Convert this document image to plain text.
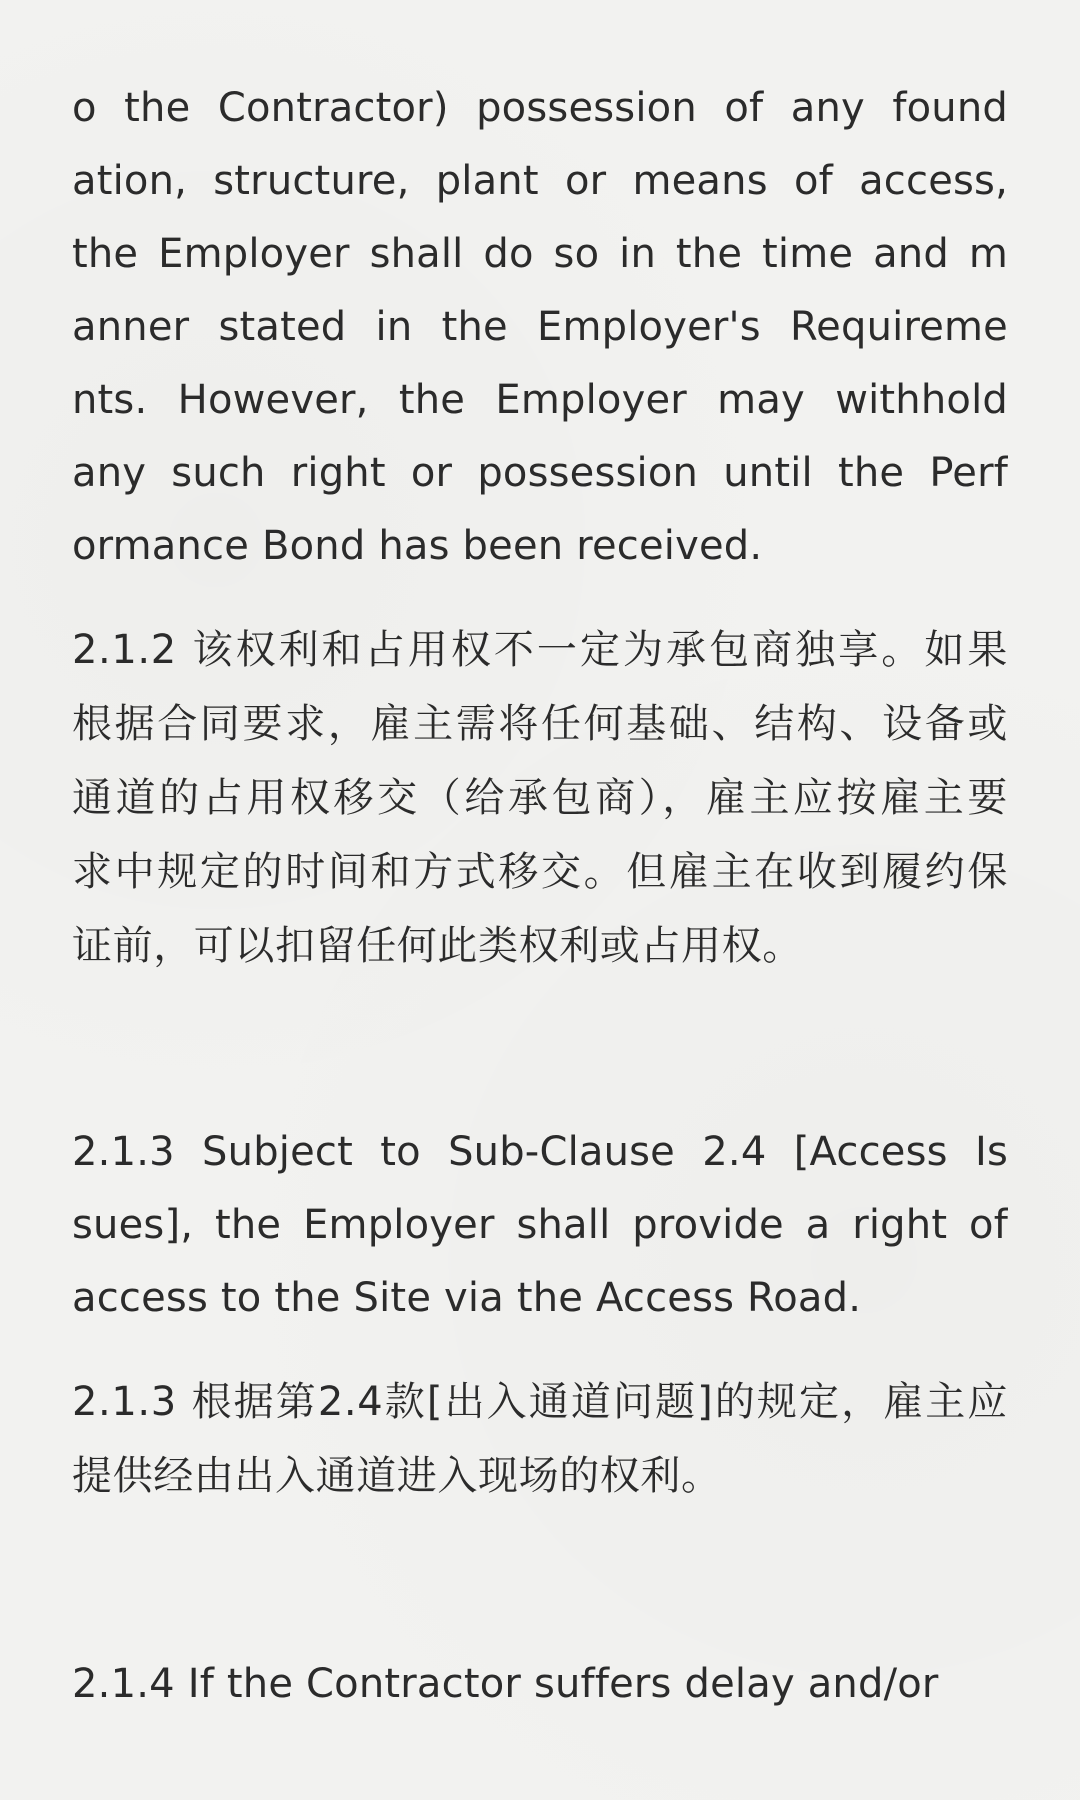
o the Contractor) possession of any found

ation, structure, plant or means of access,

the Employer shall do so in the time and m

anner stated in the Employer's Requireme

nts. However, the Employer may withhold

any such right or possession until the Perf

ormance Bond has been received.

2.1.2 该权利和占用权不一定为承包商独享。如果

根据合同要求，雇主需将任何基础、结构、设备或

通道的占用权移交（给承包商），雇主应按雇主要

求中规定的时间和方式移交。但雇主在收到履约保

证前，可以扣留任何此类权利或占用权。

2.1.3 Subject to Sub-Clause 2.4 [Access Is

sues], the Employer shall provide a right of

access to the Site via the Access Road.

2.1.3 根据第2.4款[出入通道问题]的规定，雇主应

提供经由出入通道进入现场的权利。

2.1.4 If the Contractor suffers delay and/or
